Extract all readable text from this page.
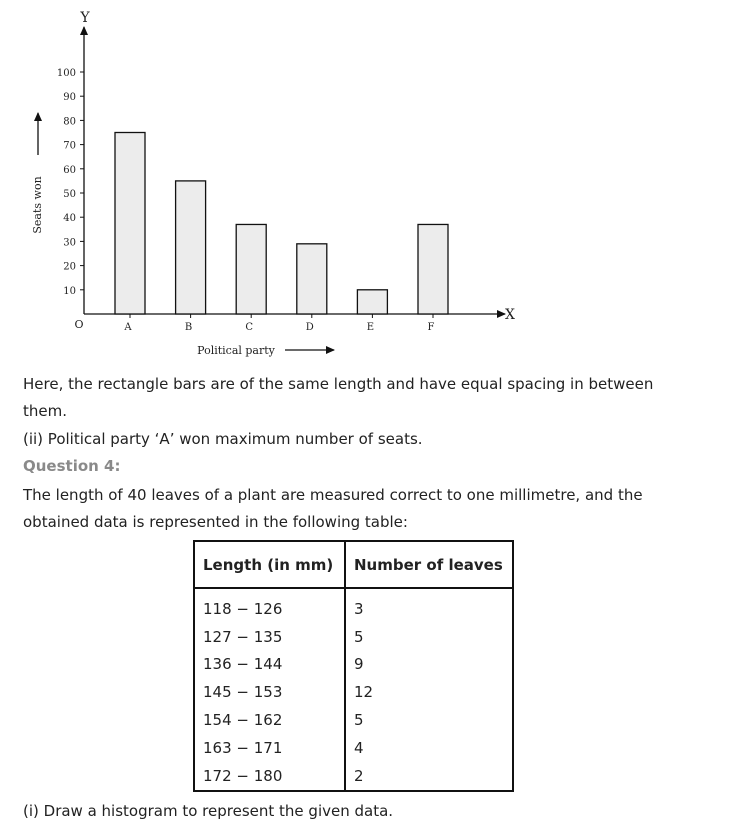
Y
X
O
Seats won
Political party
10
20
30
40
50
60
70
80
90
100
A	B	C	D	E	F

Here, the rectangle bars are of the same length and have equal spacing in between them.

(ii) Political party ‘A’ won maximum number of seats.

Question 4:

The length of 40 leaves of a plant are measured correct to one millimetre, and the obtained data is represented in the following table:

Length (in mm)	Number of leaves
118 − 126	3
127 − 135	5
136 − 144	9
145 − 153	12
154 − 162	5
163 − 171	4
172 − 180	2

(i) Draw a histogram to represent the given data.
